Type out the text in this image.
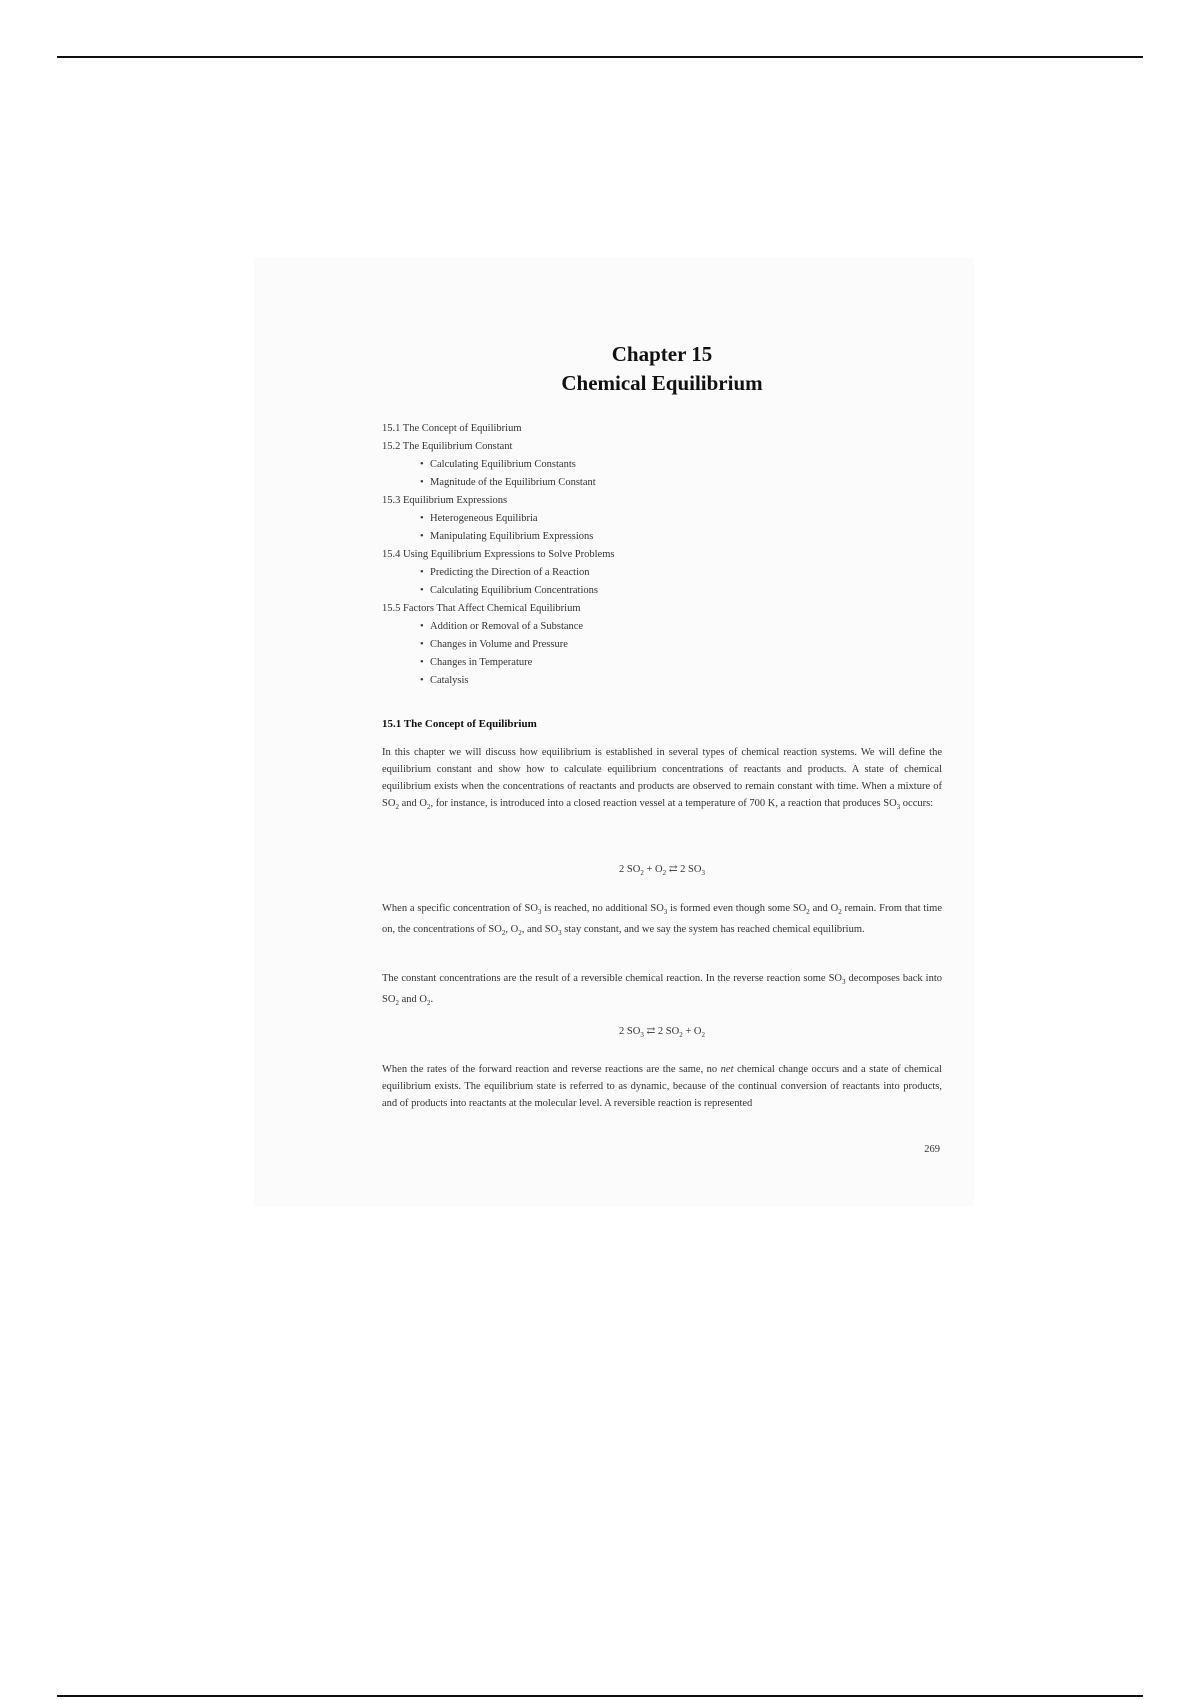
Chapter 15
Chemical Equilibrium
15.1 The Concept of Equilibrium
15.2 The Equilibrium Constant
• Calculating Equilibrium Constants
• Magnitude of the Equilibrium Constant
15.3 Equilibrium Expressions
• Heterogeneous Equilibria
• Manipulating Equilibrium Expressions
15.4 Using Equilibrium Expressions to Solve Problems
• Predicting the Direction of a Reaction
• Calculating Equilibrium Concentrations
15.5 Factors That Affect Chemical Equilibrium
• Addition or Removal of a Substance
• Changes in Volume and Pressure
• Changes in Temperature
• Catalysis
15.1 The Concept of Equilibrium

In this chapter we will discuss how equilibrium is established in several types of chemical reaction systems. We will define the equilibrium constant and show how to calculate equilibrium concentrations of reactants and products. A state of chemical equilibrium exists when the concentrations of reactants and products are observed to remain constant with time. When a mixture of $SO_2$ and $O_2$, for instance, is introduced into a closed reaction vessel at a temperature of 700 K, a reaction that produces $SO_3$ occurs:

2 $SO_2 + O_2$ ⇄ 2 $SO_3$

When a specific concentration of $SO_3$ is reached, no additional $SO_3$ is formed even though some $SO_2$ and $O_2$ remain. From that time on, the concentrations of $SO_2$, $O_2$, and $SO_3$ stay constant, and we say the system has reached chemical equilibrium.

The constant concentrations are the result of a reversible chemical reaction. In the reverse reaction some $SO_3$ decomposes back into $SO_2$ and $O_2$.

2 $SO_3$ ⇄ 2 $SO_2 + O_2$

When the rates of the forward reaction and reverse reactions are the same, no net chemical change occurs and a state of chemical equilibrium exists. The equilibrium state is referred to as dynamic, because of the continual conversion of reactants into products, and of products into reactants at the molecular level. A reversible reaction is represented

269
